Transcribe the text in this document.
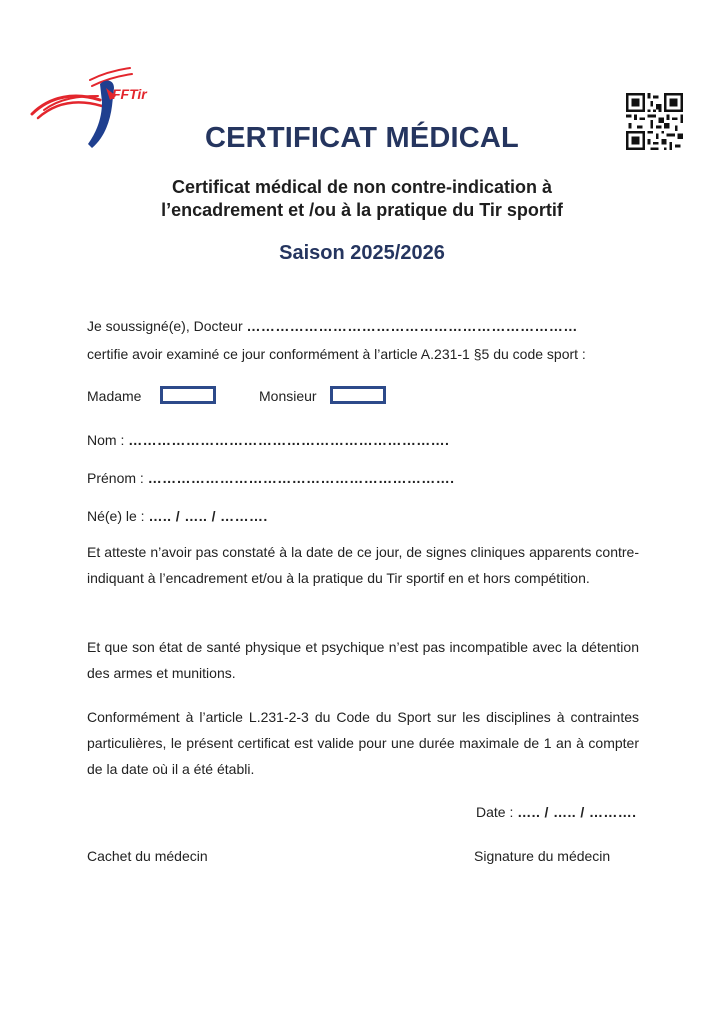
FFTir
CERTIFICAT MÉDICAL
Certificat médical de non contre-indication à
l’encadrement et /ou à la pratique du Tir sportif
Saison 2025/2026
Je soussigné(e), Docteur ……………………………………………………………
certifie avoir examiné ce jour conformément à l’article A.231-1 §5 du code sport :
Madame	Monsieur
Nom : ………………………………………………………….
Prénom : ……………………………………………………….
Né(e) le : ….. / ….. / ……….
Et atteste n’avoir pas constaté à la date de ce jour, de signes cliniques apparents contre-indiquant à l’encadrement et/ou à la pratique du Tir sportif en et hors compétition.
Et que son état de santé physique et psychique n’est pas incompatible avec la détention des armes et munitions.
Conformément à l’article L.231-2-3 du Code du Sport sur les disciplines à contraintes particulières, le présent certificat est valide pour une durée maximale de 1 an à compter de la date où il a été établi.
Date : ….. / ….. / ……….
Cachet du médecin	Signature du médecin
